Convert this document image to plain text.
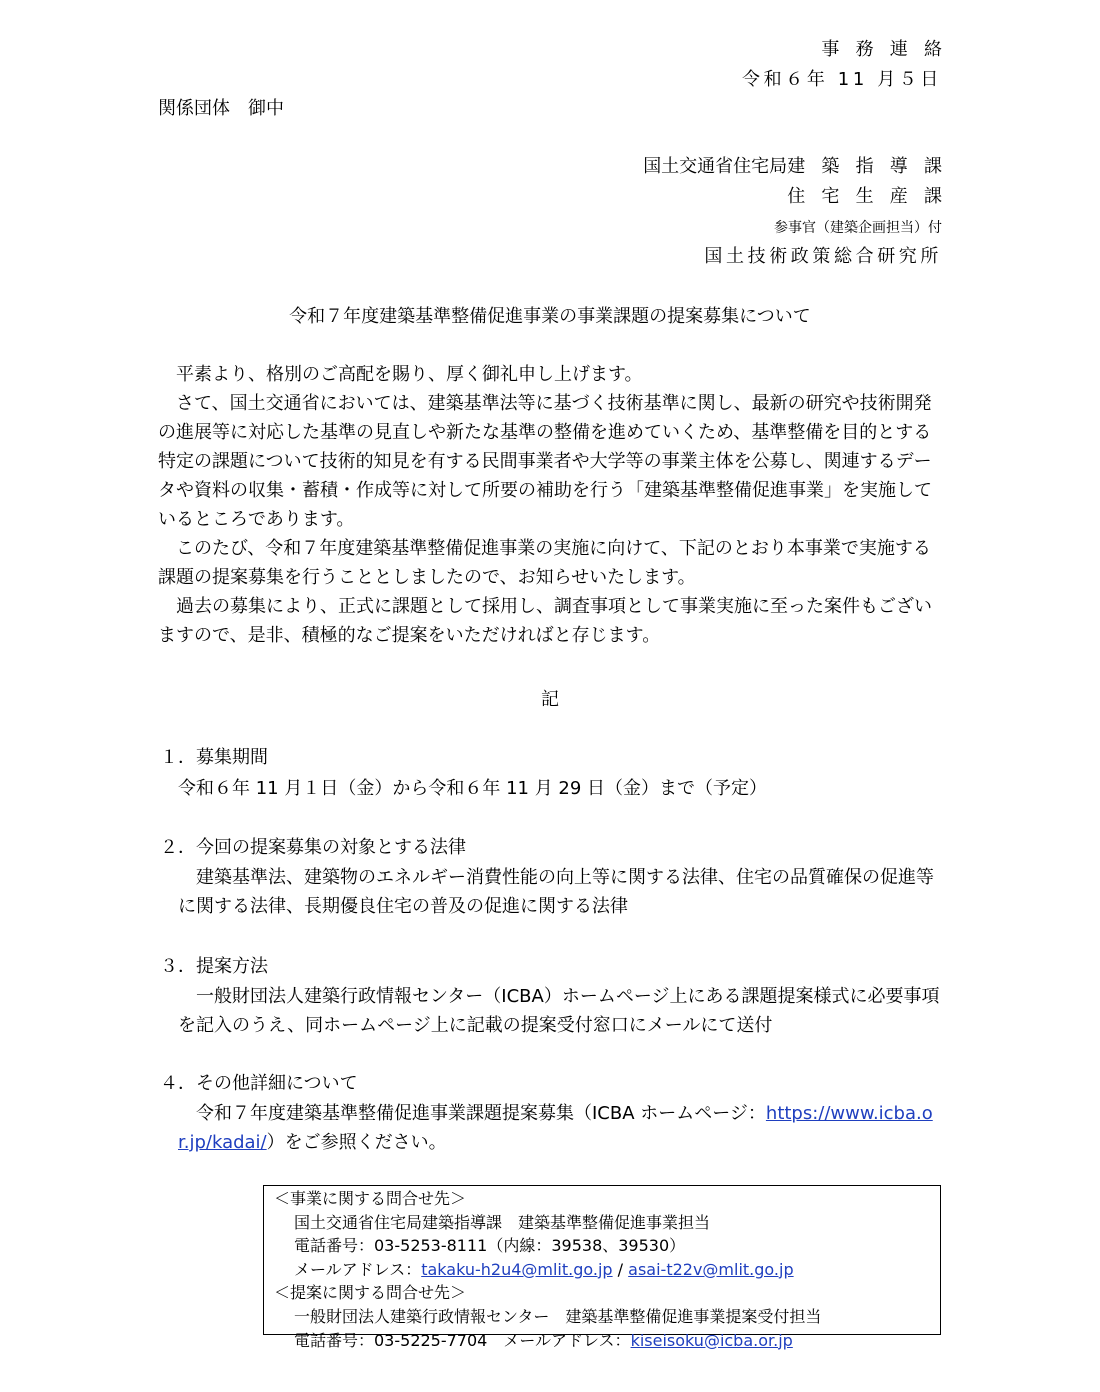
事務連絡
令和６年 11 月５日
関係団体　御中
国土交通省住宅局建築指導課
住宅生産課
参事官（建築企画担当）付
国土技術政策総合研究所
令和７年度建築基準整備促進事業の事業課題の提案募集について

平素より、格別のご高配を賜り、厚く御礼申し上げます。

さて、国土交通省においては、建築基準法等に基づく技術基準に関し、最新の研究や技術開発の進展等に対応した基準の見直しや新たな基準の整備を進めていくため、基準整備を目的とする特定の課題について技術的知見を有する民間事業者や大学等の事業主体を公募し、関連するデータや資料の収集・蓄積・作成等に対して所要の補助を行う「建築基準整備促進事業」を実施しているところであります。

このたび、令和７年度建築基準整備促進事業の実施に向けて、下記のとおり本事業で実施する課題の提案募集を行うこととしましたので、お知らせいたします。

過去の募集により、正式に課題として採用し、調査事項として事業実施に至った案件もございますので、是非、積極的なご提案をいただければと存じます。

記
１．募集期間
令和６年 11 月１日（金）から令和６年 11 月 29 日（金）まで（予定）
２．今回の提案募集の対象とする法律
建築基準法、建築物のエネルギー消費性能の向上等に関する法律、住宅の品質確保の促進等に関する法律、長期優良住宅の普及の促進に関する法律
３．提案方法
一般財団法人建築行政情報センター（ICBA）ホームページ上にある課題提案様式に必要事項を記入のうえ、同ホームページ上に記載の提案受付窓口にメールにて送付
４．その他詳細について
令和７年度建築基準整備促進事業課題提案募集（ICBA ホームページ：https://www.icba.or.jp/kadai/）をご参照ください。
＜事業に関する問合せ先＞
国土交通省住宅局建築指導課　建築基準整備促進事業担当
電話番号：03-5253-8111（内線：39538、39530）
メールアドレス：takaku-h2u4@mlit.go.jp / asai-t22v@mlit.go.jp
＜提案に関する問合せ先＞
一般財団法人建築行政情報センター　建築基準整備促進事業提案受付担当
電話番号：03-5225-7704　メールアドレス：kiseisoku@icba.or.jp
